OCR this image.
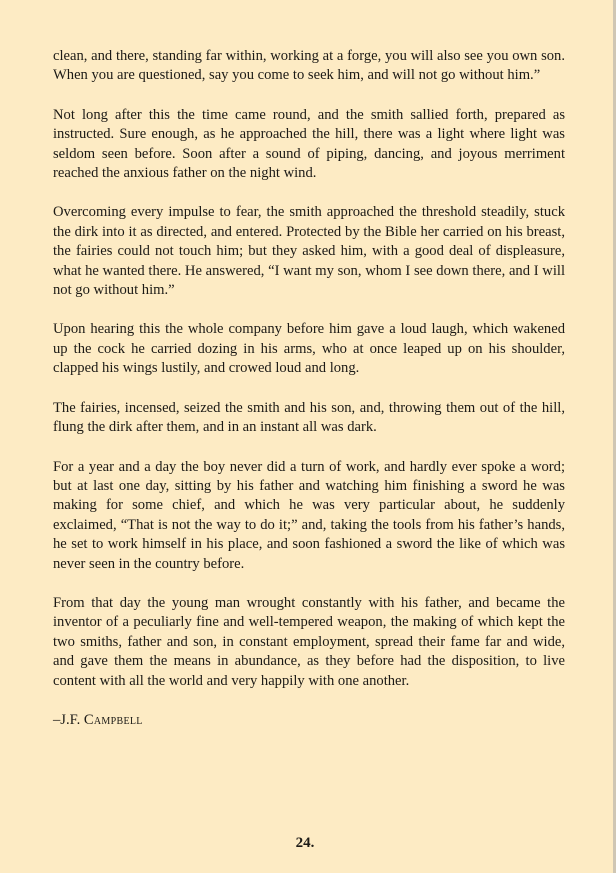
clean, and there, standing far within, working at a forge, you will also see you own son. When you are questioned, say you come to seek him, and will not go without him.”

Not long after this the time came round, and the smith sallied forth, prepared as instructed. Sure enough, as he approached the hill, there was a light where light was seldom seen before. Soon after a sound of piping, dancing, and joyous merriment reached the anxious father on the night wind.

Overcoming every impulse to fear, the smith approached the threshold steadily, stuck the dirk into it as directed, and entered. Protected by the Bible her carried on his breast, the fairies could not touch him; but they asked him, with a good deal of displeasure, what he wanted there. He answered, “I want my son, whom I see down there, and I will not go without him.”

Upon hearing this the whole company before him gave a loud laugh, which wakened up the cock he carried dozing in his arms, who at once leaped up on his shoulder, clapped his wings lustily, and crowed loud and long.

The fairies, incensed, seized the smith and his son, and, throwing them out of the hill, flung the dirk after them, and in an instant all was dark.

For a year and a day the boy never did a turn of work, and hardly ever spoke a word; but at last one day, sitting by his father and watching him finishing a sword he was making for some chief, and which he was very particular about, he suddenly exclaimed, “That is not the way to do it;” and, taking the tools from his father’s hands, he set to work himself in his place, and soon fashioned a sword the like of which was never seen in the country before.

From that day the young man wrought constantly with his father, and became the inventor of a peculiarly fine and well-tempered weapon, the making of which kept the two smiths, father and son, in constant employment, spread their fame far and wide, and gave them the means in abundance, as they before had the disposition, to live content with all the world and very happily with one another.

–J.F. Campbell

24.
